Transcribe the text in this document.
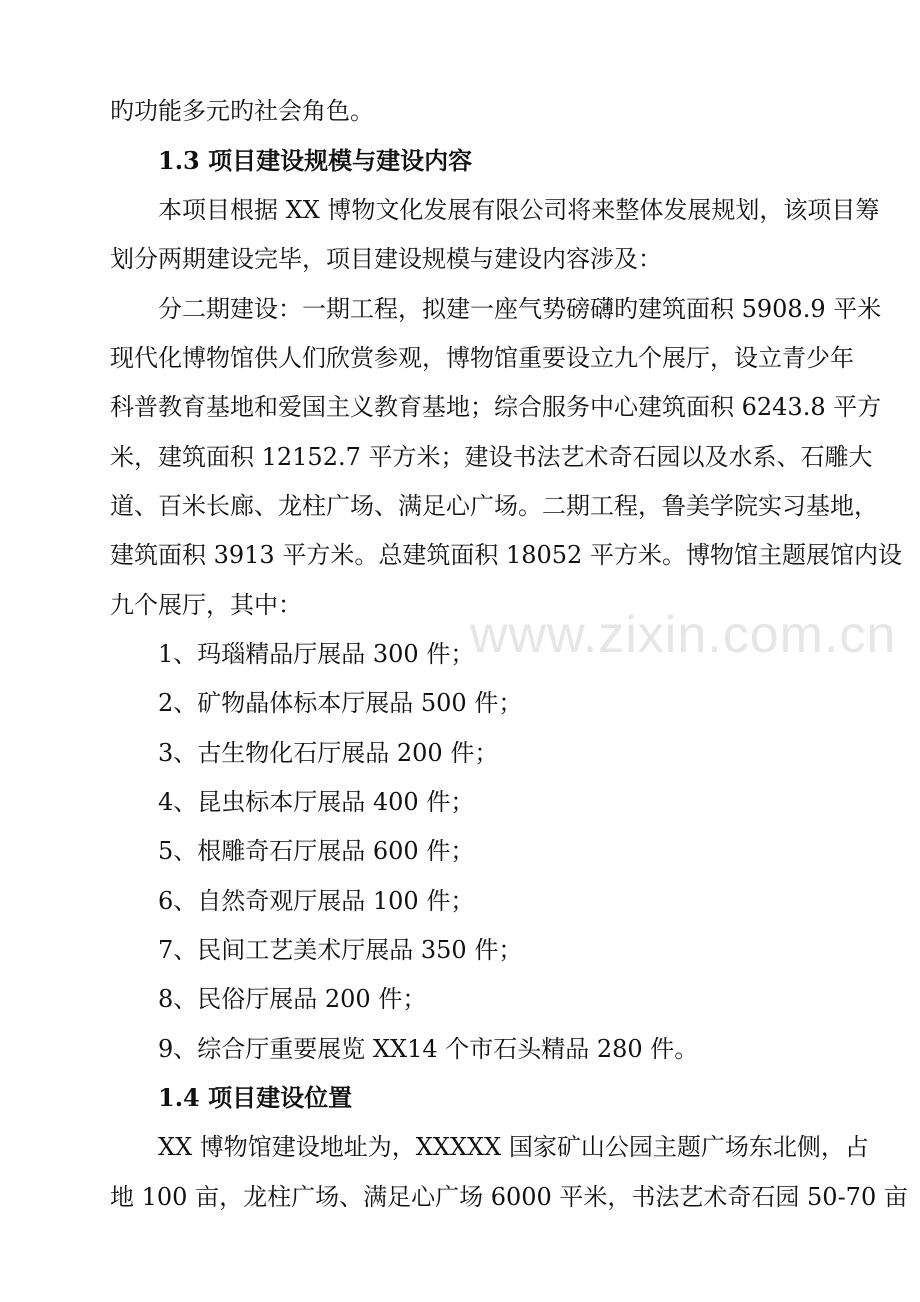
www.zixin.com.cn
旳功能多元旳社会角色。
1.3 项目建设规模与建设内容
本项目根据 XX 博物文化发展有限公司将来整体发展规划，该项目筹
划分两期建设完毕，项目建设规模与建设内容涉及：
分二期建设：一期工程，拟建一座气势磅礴旳建筑面积 5908.9 平米
现代化博物馆供人们欣赏参观，博物馆重要设立九个展厅，设立青少年
科普教育基地和爱国主义教育基地；综合服务中心建筑面积 6243.8 平方
米，建筑面积 12152.7 平方米；建设书法艺术奇石园以及水系、石雕大
道、百米长廊、龙柱广场、满足心广场。二期工程，鲁美学院实习基地，
建筑面积 3913 平方米。总建筑面积 18052 平方米。博物馆主题展馆内设
九个展厅，其中：
1、玛瑙精品厅展品 300 件；
2、矿物晶体标本厅展品 500 件；
3、古生物化石厅展品 200 件；
4、昆虫标本厅展品 400 件；
5、根雕奇石厅展品 600 件；
6、自然奇观厅展品 100 件；
7、民间工艺美术厅展品 350 件；
8、民俗厅展品 200 件；
9、综合厅重要展览 XX14 个市石头精品 280 件。
1.4 项目建设位置
XX 博物馆建设地址为，XXXXX 国家矿山公园主题广场东北侧，占
地 100 亩，龙柱广场、满足心广场 6000 平米，书法艺术奇石园 50-70 亩
